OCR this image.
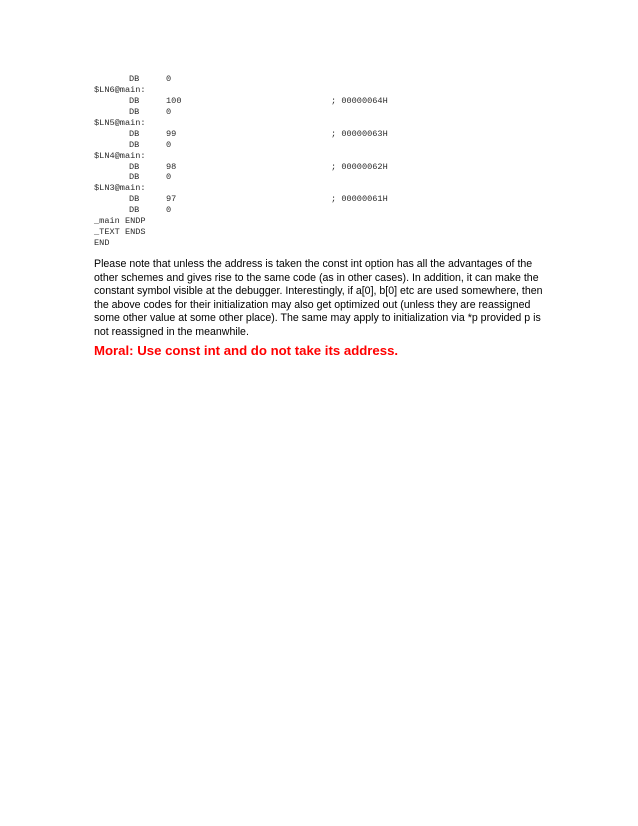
DB	0
$LN6@main:
DB	100	; 00000064H
DB	0
$LN5@main:
DB	99	; 00000063H
DB	0
$LN4@main:
DB	98	; 00000062H
DB	0
$LN3@main:
DB	97	; 00000061H
DB	0
_main ENDP
_TEXT ENDS
END
Please note that unless the address is taken the const int option has all the advantages of the other schemes and gives rise to the same code (as in other cases). In addition, it can make the constant symbol visible at the debugger. Interestingly, if a[0], b[0] etc are used somewhere, then the above codes for their initialization may also get optimized out (unless they are reassigned some other value at some other place). The same may apply to initialization via *p provided p is not reassigned in the meanwhile.
Moral: Use const int and do not take its address.
